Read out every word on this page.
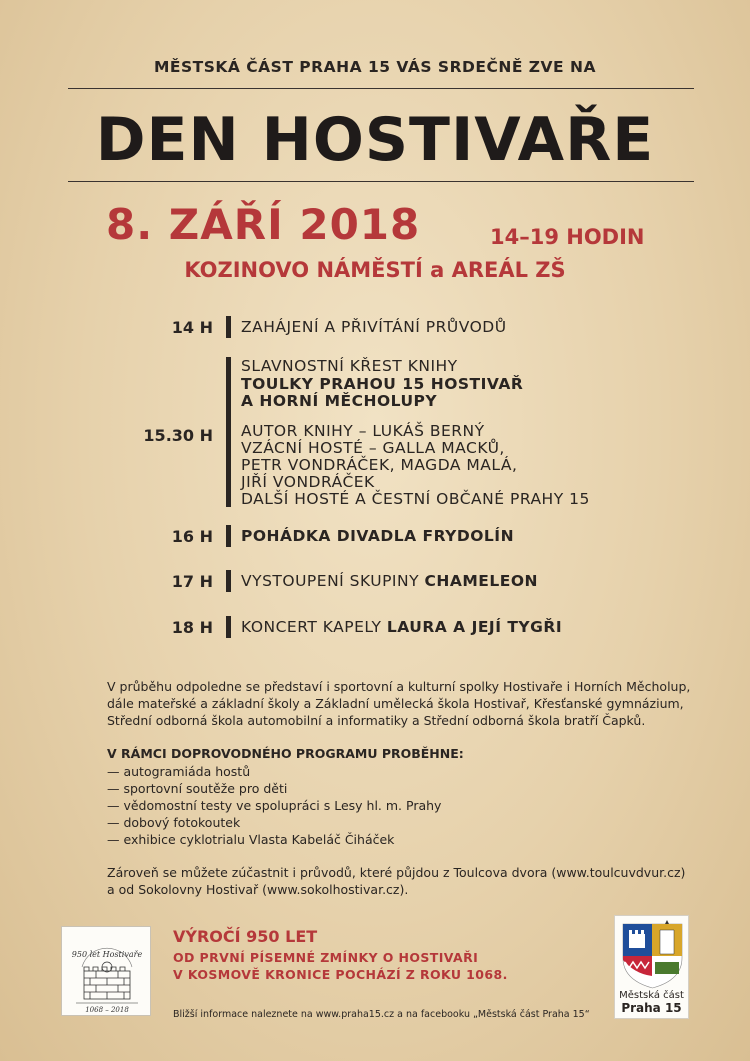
MĚSTSKÁ ČÁST PRAHA 15 VÁS SRDEČNĚ ZVE NA
DEN HOSTIVAŘE
8. ZÁŘÍ 2018	14–19 HODIN
KOZINOVO NÁMĚSTÍ a AREÁL ZŠ
14 H ZAHÁJENÍ A PŘIVÍTÁNÍ PRŮVODŮ
15.30 H
SLAVNOSTNÍ KŘEST KNIHY
TOULKY PRAHOU 15 HOSTIVAŘ
A HORNÍ MĚCHOLUPY
AUTOR KNIHY – LUKÁŠ BERNÝ
VZÁCNÍ HOSTÉ – GALLA MACKŮ,
PETR VONDRÁČEK, MAGDA MALÁ,
JIŘÍ VONDRÁČEK
DALŠÍ HOSTÉ A ČESTNÍ OBČANÉ PRAHY 15
16 H POHÁDKA DIVADLA FRYDOLÍN
17 H VYSTOUPENÍ SKUPINY CHAMELEON
18 H KONCERT KAPELY LAURA A JEJÍ TYGŘI
V průběhu odpoledne se představí i sportovní a kulturní spolky Hostivaře i Horních Měcholup,
dále mateřské a základní školy a Základní umělecká škola Hostivař, Křesťanské gymnázium,
Střední odborná škola automobilní a informatiky a Střední odborná škola bratří Čapků.
V RÁMCI DOPROVODNÉHO PROGRAMU PROBĚHNE:
— autogramiáda hostů
— sportovní soutěže pro děti
— vědomostní testy ve spolupráci s Lesy hl. m. Prahy
— dobový fotokoutek
— exhibice cyklotrialu Vlasta Kabeláč Čiháček
Zároveň se můžete zúčastnit i průvodů, které půjdou z Toulcova dvora (www.toulcuvdvur.cz)
a od Sokolovny Hostivař (www.sokolhostivar.cz).
950 let Hostivaře
1068 – 2018
VÝROČÍ 950 LET
OD PRVNÍ PÍSEMNÉ ZMÍNKY O HOSTIVAŘI
V KOSMOVĚ KRONICE POCHÁZÍ Z ROKU 1068.
Městská část
Praha 15
Bližší informace naleznete na www.praha15.cz a na facebooku „Městská část Praha 15“
